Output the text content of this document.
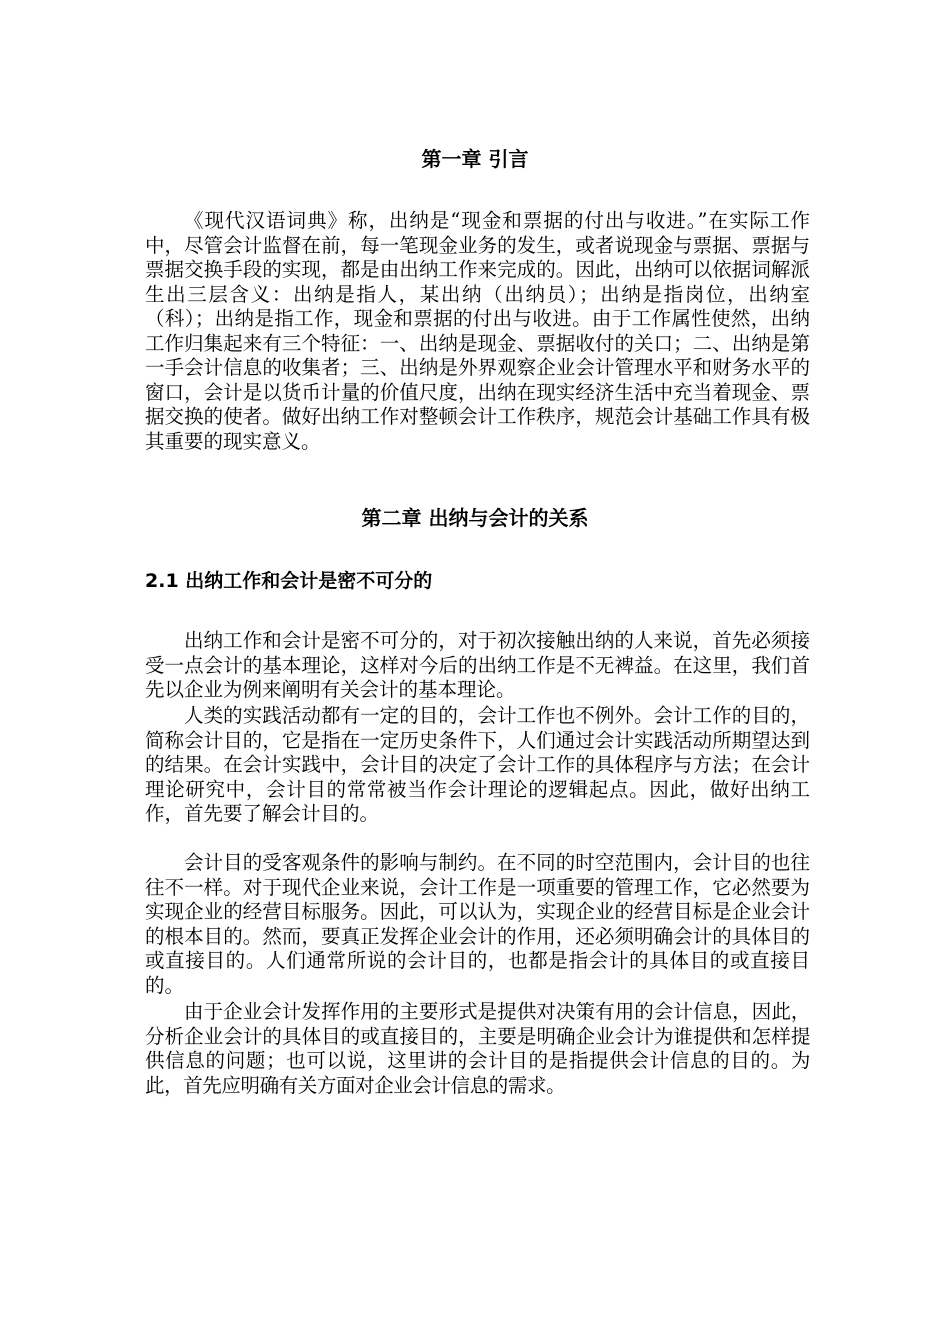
第一章 引言

《现代汉语词典》称，出纳是“现金和票据的付出与收进。”在实际工作中，尽管会计监督在前，每一笔现金业务的发生，或者说现金与票据、票据与票据交换手段的实现，都是由出纳工作来完成的。因此，出纳可以依据词解派生出三层含义：出纳是指人，某出纳（出纳员）；出纳是指岗位，出纳室（科）；出纳是指工作，现金和票据的付出与收进。由于工作属性使然，出纳工作归集起来有三个特征：一、出纳是现金、票据收付的关口；二、出纳是第一手会计信息的收集者；三、出纳是外界观察企业会计管理水平和财务水平的窗口，会计是以货币计量的价值尺度，出纳在现实经济生活中充当着现金、票据交换的使者。做好出纳工作对整顿会计工作秩序，规范会计基础工作具有极其重要的现实意义。

第二章 出纳与会计的关系
2.1 出纳工作和会计是密不可分的

出纳工作和会计是密不可分的，对于初次接触出纳的人来说，首先必须接受一点会计的基本理论，这样对今后的出纳工作是不无裨益。在这里，我们首先以企业为例来阐明有关会计的基本理论。

人类的实践活动都有一定的目的，会计工作也不例外。会计工作的目的，简称会计目的，它是指在一定历史条件下，人们通过会计实践活动所期望达到的结果。在会计实践中，会计目的决定了会计工作的具体程序与方法；在会计理论研究中，会计目的常常被当作会计理论的逻辑起点。因此，做好出纳工作，首先要了解会计目的。

会计目的受客观条件的影响与制约。在不同的时空范围内，会计目的也往往不一样。对于现代企业来说，会计工作是一项重要的管理工作，它必然要为实现企业的经营目标服务。因此，可以认为，实现企业的经营目标是企业会计的根本目的。然而，要真正发挥企业会计的作用，还必须明确会计的具体目的或直接目的。人们通常所说的会计目的，也都是指会计的具体目的或直接目的。

由于企业会计发挥作用的主要形式是提供对决策有用的会计信息，因此，分析企业会计的具体目的或直接目的，主要是明确企业会计为谁提供和怎样提供信息的问题；也可以说，这里讲的会计目的是指提供会计信息的目的。为此，首先应明确有关方面对企业会计信息的需求。
